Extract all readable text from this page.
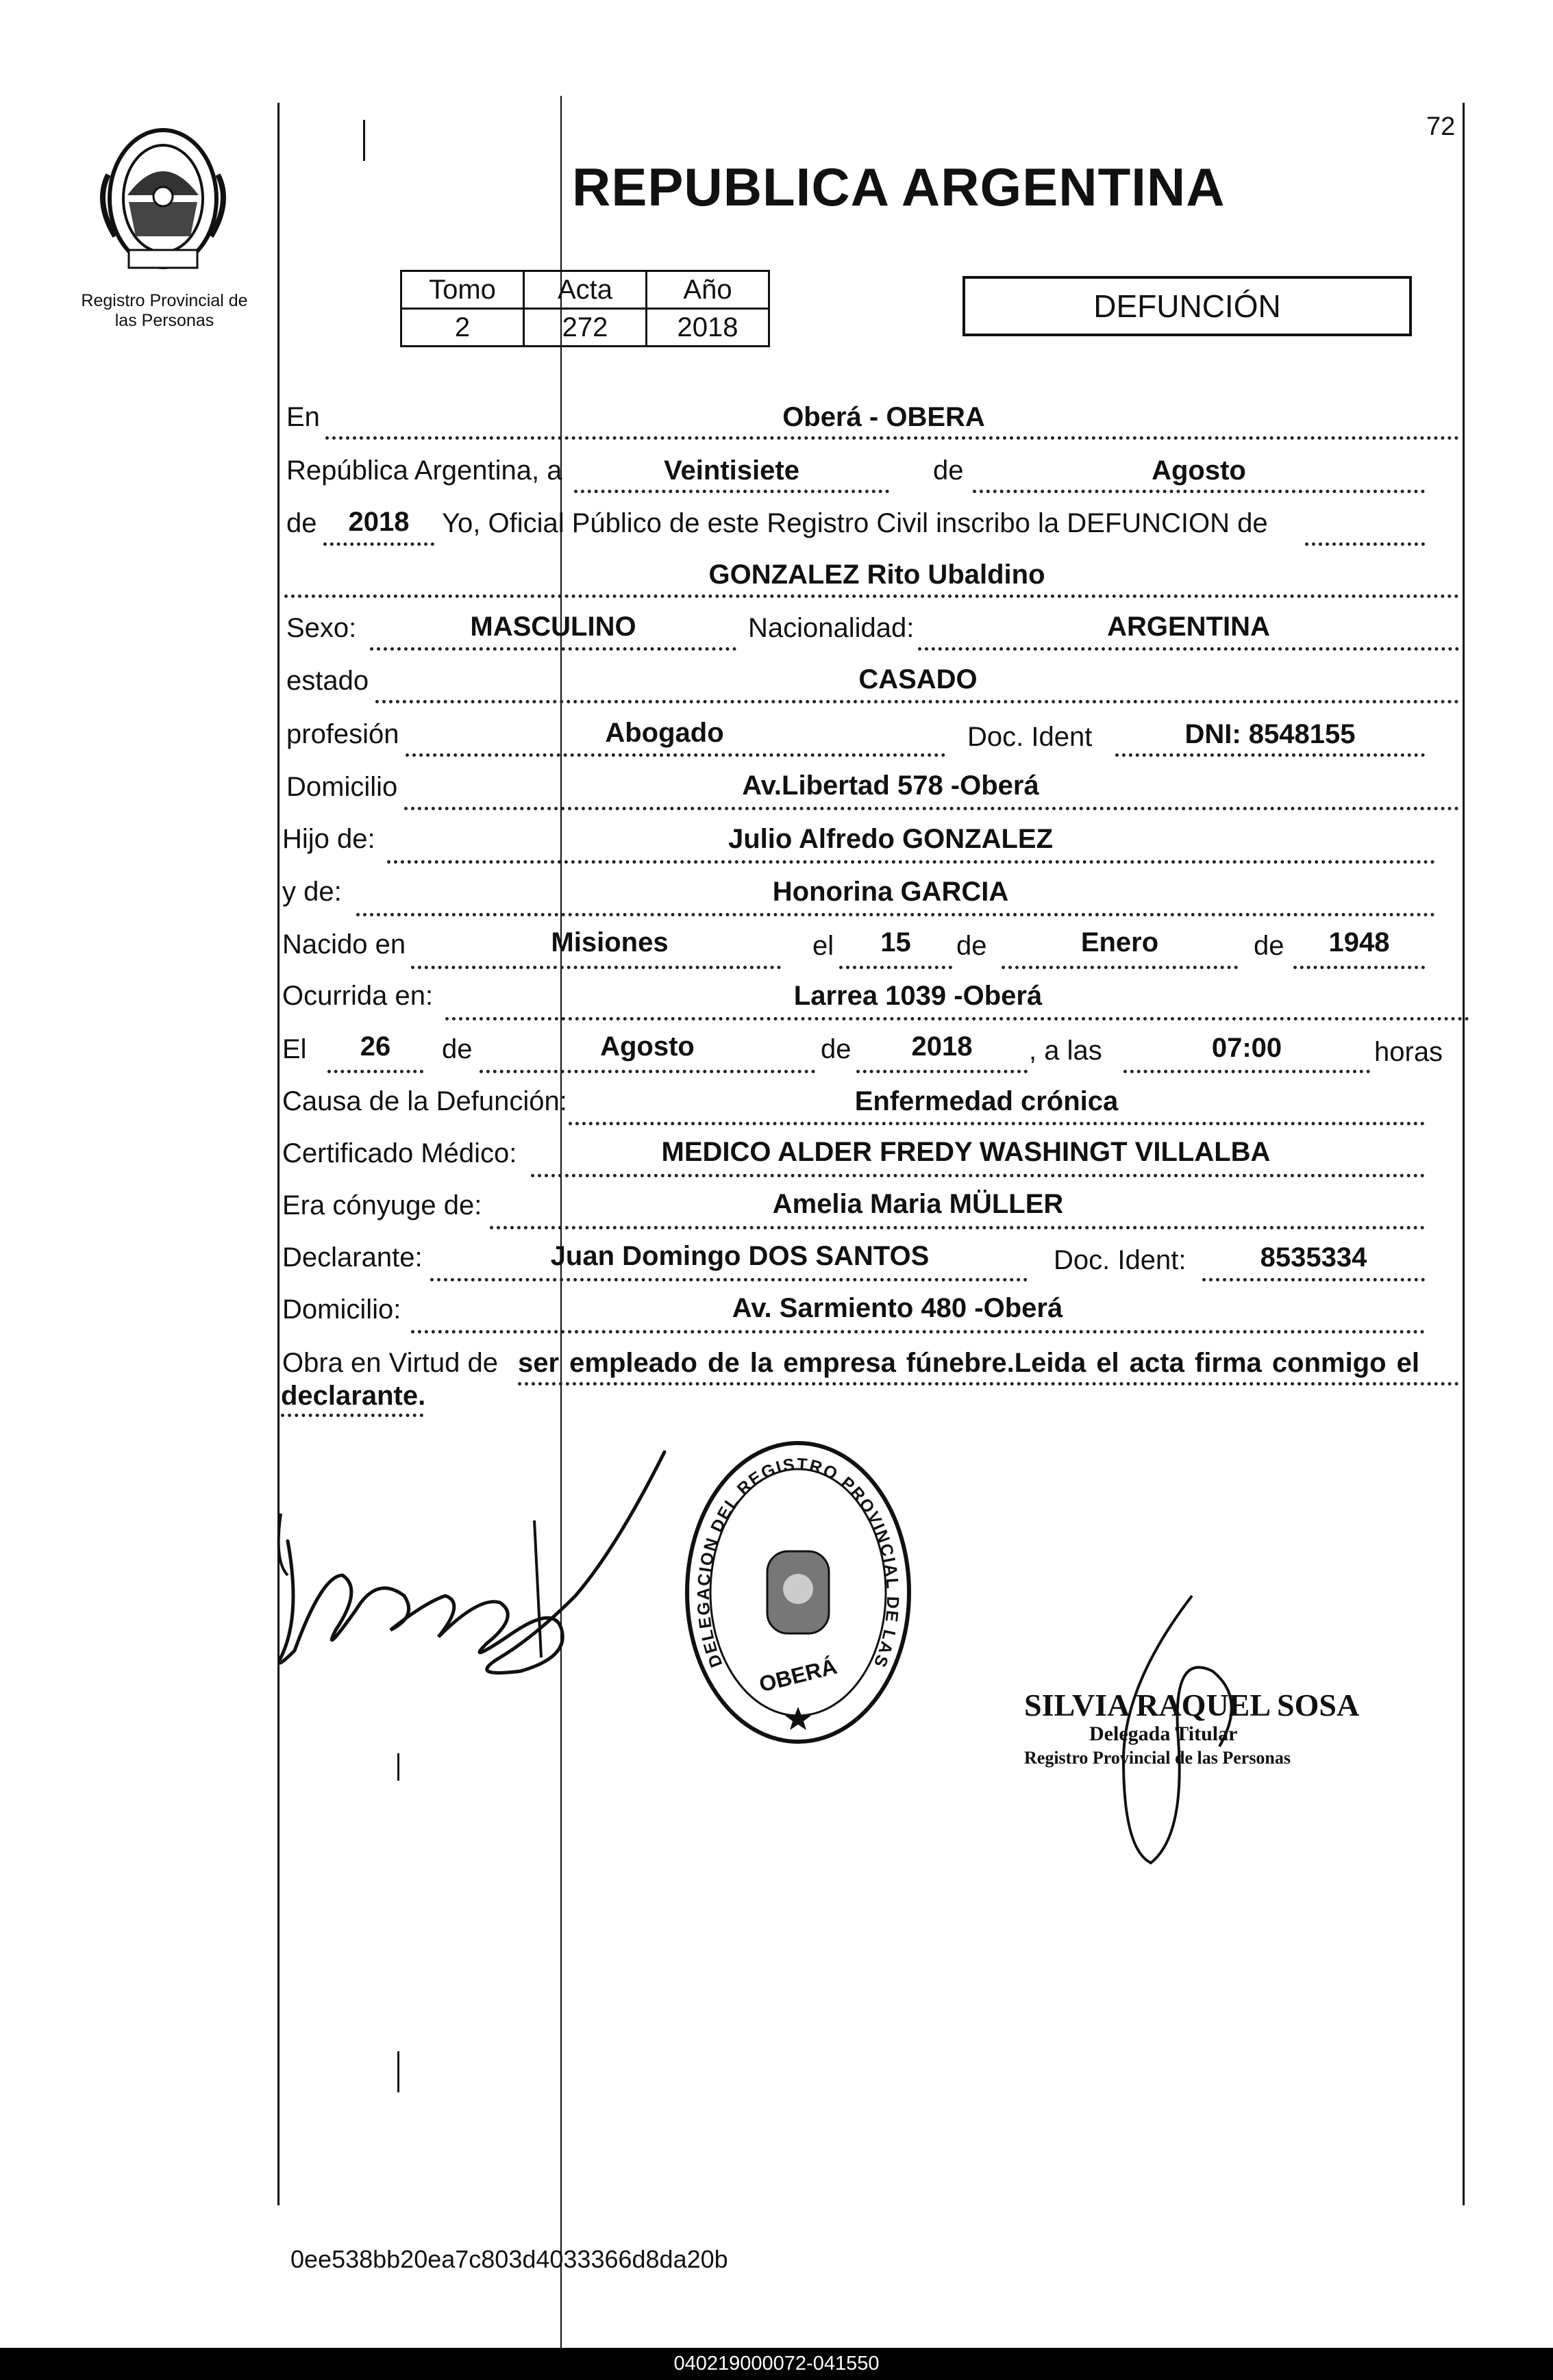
72
Registro Provincial de
las Personas
REPUBLICA ARGENTINA
Tomo	Acta	Año
2	272	2018
DEFUNCIÓN
En	Oberá - OBERA
República Argentina, a	Veintisiete	de	Agosto
de	2018	Yo, Oficial Público de este Registro Civil inscribo la DEFUNCION de
GONZALEZ Rito Ubaldino
Sexo:	MASCULINO	Nacionalidad:	ARGENTINA
estado	CASADO
profesión	Abogado	Doc. Ident	DNI: 8548155
Domicilio	Av.Libertad 578 -Oberá
Hijo de:	Julio Alfredo GONZALEZ
y de:	Honorina GARCIA
Nacido en	Misiones	el	15	de	Enero	de	1948
Ocurrida en:	Larrea 1039 -Oberá
El	26	de	Agosto	de	2018	, a las	07:00	horas
Causa de la Defunción:	Enfermedad crónica
Certificado Médico:	MEDICO ALDER FREDY WASHINGT VILLALBA
Era cónyuge de:	Amelia Maria MÜLLER
Declarante:	Juan Domingo DOS SANTOS	Doc. Ident:	8535334
Domicilio:	Av. Sarmiento 480 -Oberá
Obra en Virtud de ser empleado de la empresa fúnebre.Leida el acta firma conmigo el
declarante.
DELEGACION DEL REGISTRO PROVINCIAL DE LAS
OBERÁ
SILVIA RAQUEL SOSA
Delegada Titular
Registro Provincial de las Personas
0ee538bb20ea7c803d4033366d8da20b
040219000072-041550
